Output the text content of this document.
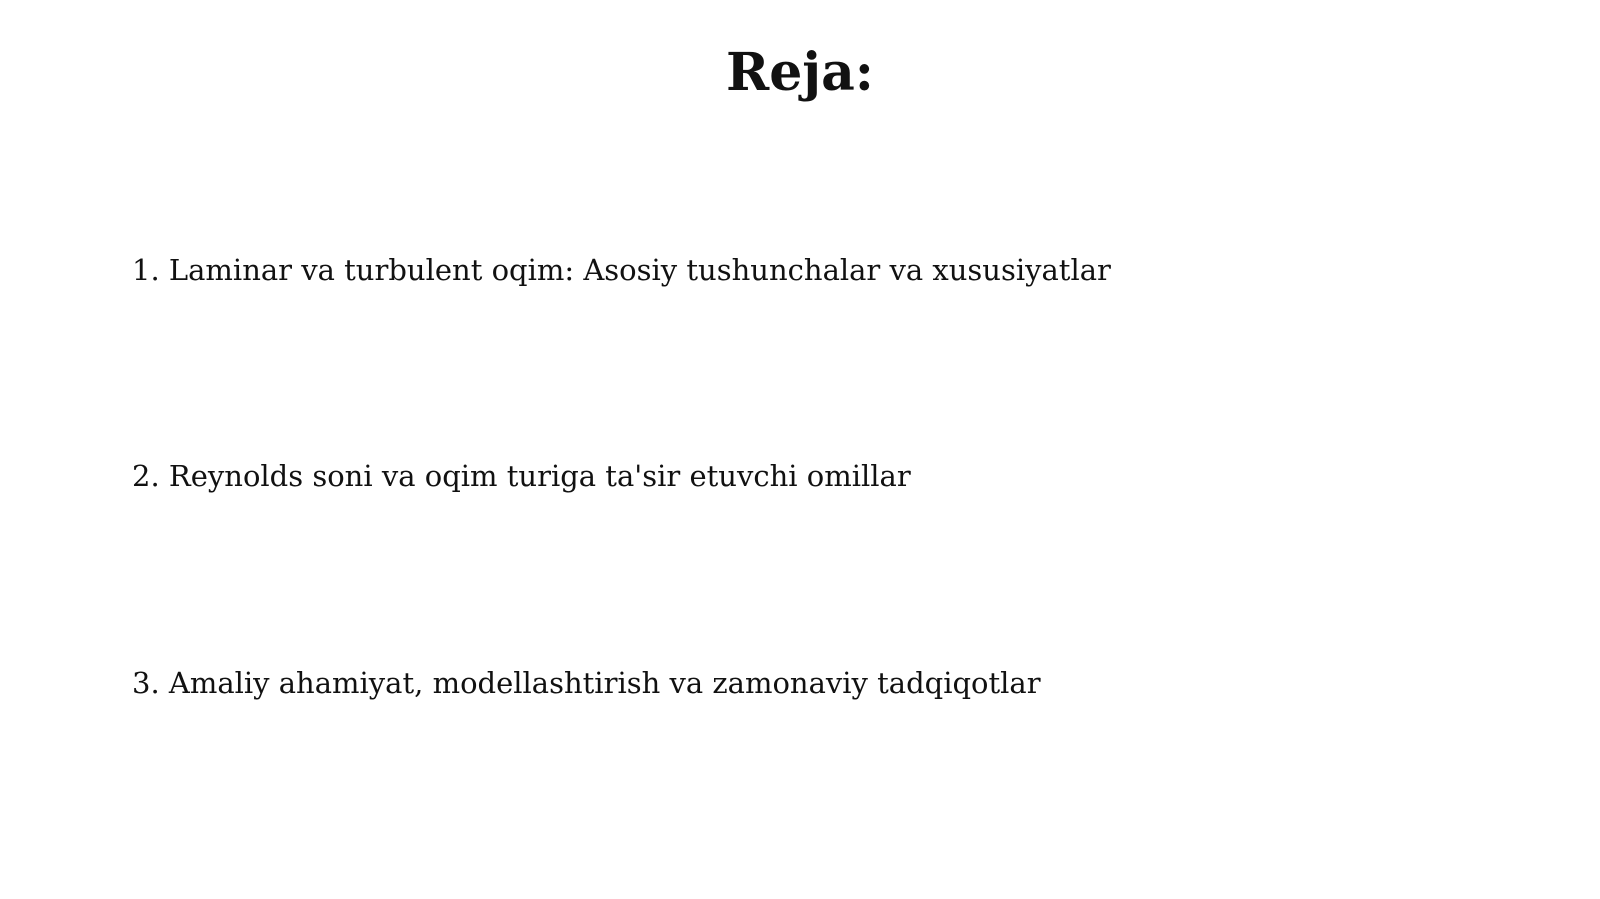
Reja:
1. Laminar va turbulent oqim: Asosiy tushunchalar va xususiyatlar
2. Reynolds soni va oqim turiga ta'sir etuvchi omillar
3. Amaliy ahamiyat, modellashtirish va zamonaviy tadqiqotlar
